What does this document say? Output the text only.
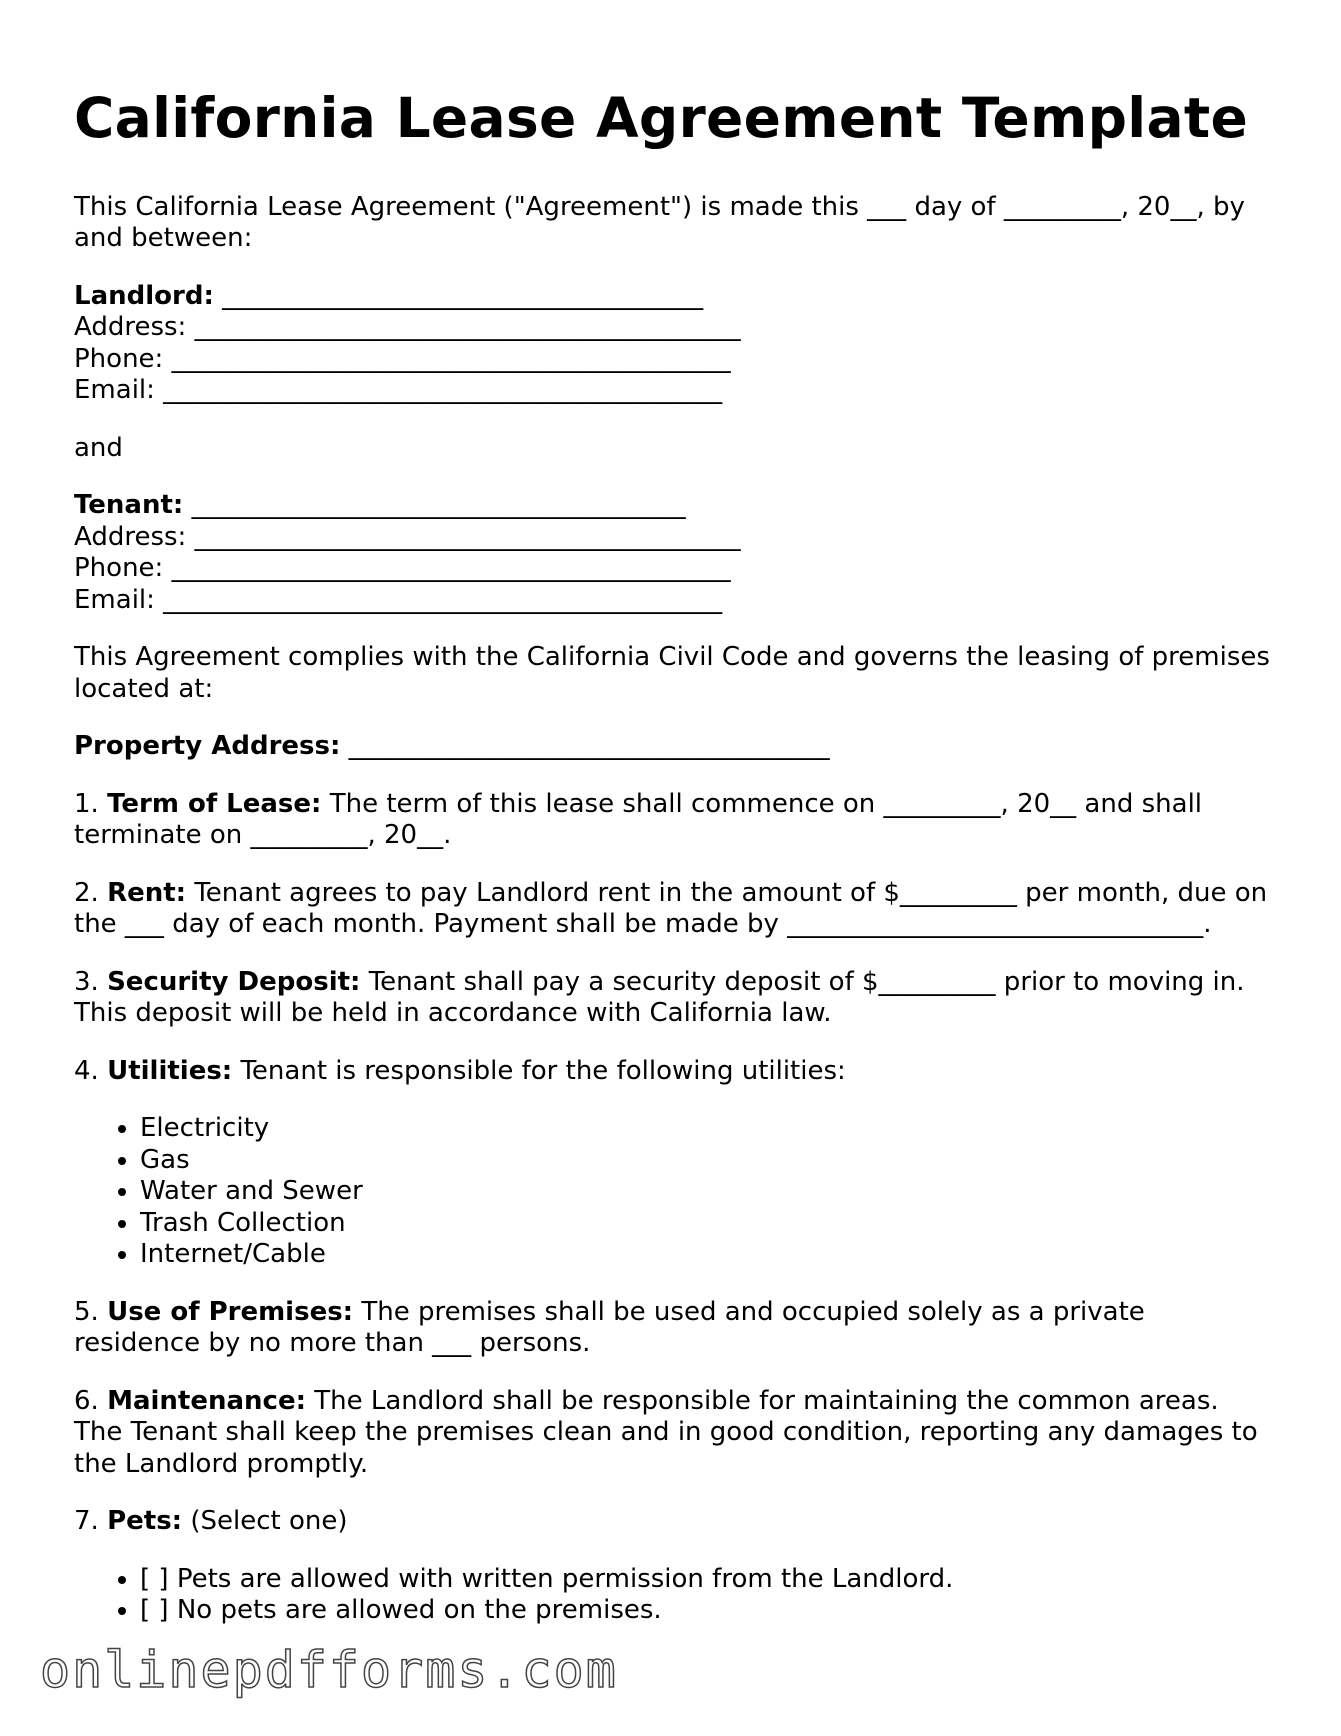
California Lease Agreement Template

This California Lease Agreement ("Agreement") is made this ___ day of _________, 20__, by and between:

Landlord: _____________________________________
Address: __________________________________________
Phone: ___________________________________________
Email: ___________________________________________

and

Tenant: ______________________________________
Address: __________________________________________
Phone: ___________________________________________
Email: ___________________________________________

This Agreement complies with the California Civil Code and governs the leasing of premises located at:

Property Address: _____________________________________

1. Term of Lease: The term of this lease shall commence on _________, 20__ and shall terminate on _________, 20__.

2. Rent: Tenant agrees to pay Landlord rent in the amount of $_________ per month, due on the ___ day of each month. Payment shall be made by ________________________________.

3. Security Deposit: Tenant shall pay a security deposit of $_________ prior to moving in. This deposit will be held in accordance with California law.

4. Utilities: Tenant is responsible for the following utilities:

• Electricity
• Gas
• Water and Sewer
• Trash Collection
• Internet/Cable

5. Use of Premises: The premises shall be used and occupied solely as a private residence by no more than ___ persons.

6. Maintenance: The Landlord shall be responsible for maintaining the common areas. The Tenant shall keep the premises clean and in good condition, reporting any damages to the Landlord promptly.

7. Pets: (Select one)

• [ ] Pets are allowed with written permission from the Landlord.
• [ ] No pets are allowed on the premises.
onlinepdfforms.com
